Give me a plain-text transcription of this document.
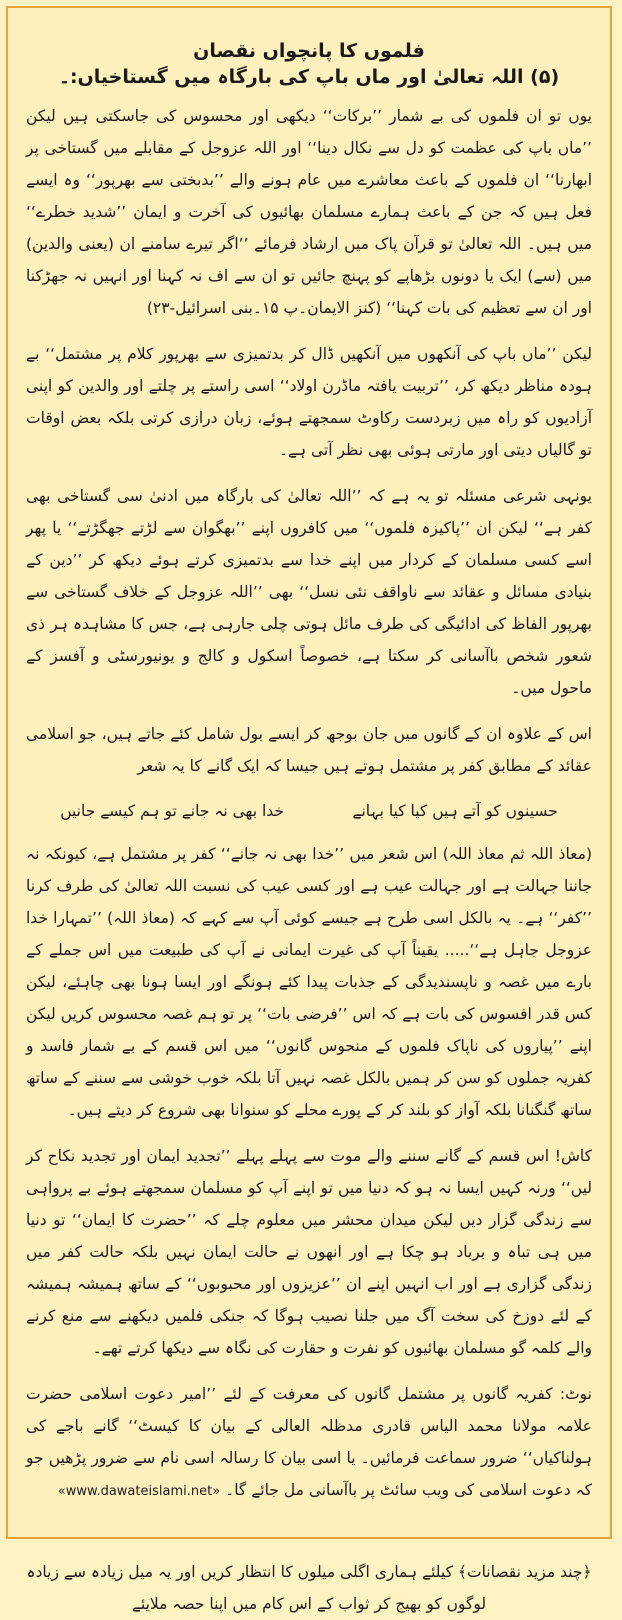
فلموں کا پانچواں نقصان
(۵) اللہ تعالیٰ اور ماں باپ کی بارگاہ میں گستاخیاں:۔

یوں تو ان فلموں کی بے شمار ’’برکات‘‘ دیکھی اور محسوس کی جاسکتی ہیں لیکن ’’ماں باپ کی عظمت کو دل سے نکال دینا‘‘ اور اللہ عزوجل کے مقابلے میں گستاخی پر ابھارنا‘‘ ان فلموں کے باعث معاشرے میں عام ہونے والے ’’بدبختی سے بھرپور‘‘ وہ ایسے فعل ہیں کہ جن کے باعث ہمارے مسلمان بھائیوں کی آخرت و ایمان ’’شدید خطرے‘‘ میں ہیں۔ اللہ تعالیٰ تو قرآن پاک میں ارشاد فرمائے ’’اگر تیرے سامنے ان (یعنی والدین) میں (سے) ایک یا دونوں بڑھاپے کو پہنچ جائیں تو ان سے اف نہ کہنا اور انہیں نہ جھڑکنا اور ان سے تعظیم کی بات کہنا‘‘ (کنز الایمان۔پ ۱۵۔بنی اسرائیل-۲۳)

لیکن ’’ماں باپ کی آنکھوں میں آنکھیں ڈال کر بدتمیزی سے بھرپور کلام پر مشتمل‘‘ بے ہودہ مناظر دیکھ کر، ’’تربیت یافتہ ماڈرن اولاد‘‘ اسی راستے پر چلتے اور والدین کو اپنی آزادیوں کو راہ میں زبردست رکاوٹ سمجھتے ہوئے، زبان درازی کرتی بلکہ بعض اوقات تو گالیاں دیتی اور مارتی ہوئی بھی نظر آتی ہے۔

یونہی شرعی مسئلہ تو یہ ہے کہ ’’اللہ تعالیٰ کی بارگاہ میں ادنیٰ سی گستاخی بھی کفر ہے‘‘ لیکن ان ’’پاکیزہ فلموں‘‘ میں کافروں اپنے ’’بھگوان سے لڑتے جھگڑتے‘‘ یا پھر اسے کسی مسلمان کے کردار میں اپنے خدا سے بدتمیزی کرتے ہوئے دیکھ کر ’’دین کے بنیادی مسائل و عقائد سے ناواقف نئی نسل‘‘ بھی ’’اللہ عزوجل کے خلاف گستاخی سے بھرپور الفاظ کی ادائیگی کی طرف مائل ہوتی چلی جارہی ہے، جس کا مشاہدہ ہر ذی شعور شخص باآسانی کر سکتا ہے، خصوصاً اسکول و کالج و یونیورسٹی و آفسز کے ماحول میں۔

اس کے علاوہ ان کے گانوں میں جان بوجھ کر ایسے بول شامل کئے جاتے ہیں، جو اسلامی عقائد کے مطابق کفر پر مشتمل ہوتے ہیں جیسا کہ ایک گانے کا یہ شعر

حسینوں کو آتے ہیں کیا کیا بہانے
خدا بھی نہ جانے تو ہم کیسے جانیں

(معاذ اللہ ثم معاذ اللہ) اس شعر میں ’’خدا بھی نہ جانے‘‘ کفر پر مشتمل ہے، کیونکہ نہ جاننا جہالت ہے اور جہالت عیب ہے اور کسی عیب کی نسبت اللہ تعالیٰ کی طرف کرنا ’’کفر‘‘ ہے۔ یہ بالکل اسی طرح ہے جیسے کوئی آپ سے کہے کہ (معاذ اللہ) ’’تمہارا خدا عزوجل جاہل ہے‘‘..... یقیناً آپ کی غیرت ایمانی نے آپ کی طبیعت میں اس جملے کے بارے میں غصہ و ناپسندیدگی کے جذبات پیدا کئے ہونگے اور ایسا ہونا بھی چاہئے، لیکن کس قدر افسوس کی بات ہے کہ اس ’’فرضی بات‘‘ پر تو ہم غصہ محسوس کریں لیکن اپنے ’’پیاروں کی ناپاک فلموں کے منحوس گانوں‘‘ میں اس قسم کے بے شمار فاسد و کفریہ جملوں کو سن کر ہمیں بالکل غصہ نہیں آتا بلکہ خوب خوشی سے سننے کے ساتھ ساتھ گنگنانا بلکہ آواز کو بلند کر کے پورے محلے کو سنوانا بھی شروع کر دیتے ہیں۔

کاش! اس قسم کے گانے سننے والے موت سے پہلے پہلے ’’تجدید ایمان اور تجدید نکاح کر لیں‘‘ ورنہ کہیں ایسا نہ ہو کہ دنیا میں تو اپنے آپ کو مسلمان سمجھتے ہوئے بے پرواہی سے زندگی گزار دیں لیکن میدان محشر میں معلوم چلے کہ ’’حضرت کا ایمان‘‘ تو دنیا میں ہی تباہ و برباد ہو چکا ہے اور انھوں نے حالت ایمان نہیں بلکہ حالت کفر میں زندگی گزاری ہے اور اب انہیں اپنے ان ’’عزیزوں اور محبوبوں‘‘ کے ساتھ ہمیشہ ہمیشہ کے لئے دوزخ کی سخت آگ میں جلنا نصیب ہوگا کہ جنکی فلمیں دیکھنے سے منع کرنے والے کلمہ گو مسلمان بھائیوں کو نفرت و حقارت کی نگاہ سے دیکھا کرتے تھے۔

نوٹ: کفریہ گانوں پر مشتمل گانوں کی معرفت کے لئے ’’امیر دعوت اسلامی حضرت علامہ مولانا محمد الیاس قادری مدظلہ العالی کے بیان کا کیسٹ‘‘ گانے باجے کی ہولناکیاں‘‘ ضرور سماعت فرمائیں۔ یا اسی بیان کا رسالہ اسی نام سے ضرور پڑھیں جو کہ دعوت اسلامی کی ویب سائٹ پر باآسانی مل جائے گا۔ «www.dawateislami.net»
﴿چند مزید نقصانات﴾ کیلئے ہماری اگلی میلوں کا انتظار کریں اور یہ میل زیادہ سے زیادہ لوگوں کو بھیج کر ثواب کے اس کام میں اپنا حصہ ملایئے
